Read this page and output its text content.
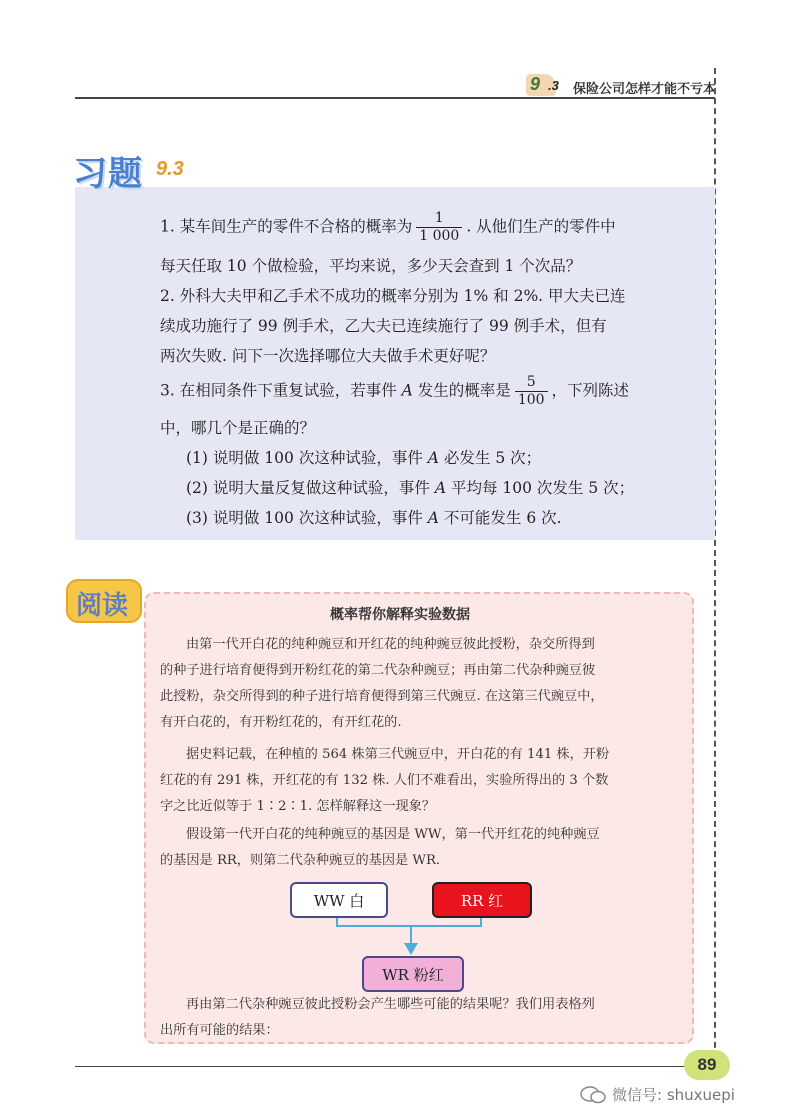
9 .3 保险公司怎样才能不亏本
习题 9.3
1. 某车间生产的零件不合格的概率为 $\frac{1}{1 000}$ . 从他们生产的零件中
每天任取 10 个做检验，平均来说，多少天会查到 1 个次品？
2. 外科大夫甲和乙手术不成功的概率分别为 1% 和 2%. 甲大夫已连
续成功施行了 99 例手术，乙大夫已连续施行了 99 例手术，但有
两次失败. 问下一次选择哪位大夫做手术更好呢？
3. 在相同条件下重复试验，若事件 A 发生的概率是 $\frac{5}{100}$ ，下列陈述
中，哪几个是正确的？
(1) 说明做 100 次这种试验，事件 A 必发生 5 次；
(2) 说明大量反复做这种试验，事件 A 平均每 100 次发生 5 次；
(3) 说明做 100 次这种试验，事件 A 不可能发生 6 次.
阅读	概率帮你解释实验数据
由第一代开白花的纯种豌豆和开红花的纯种豌豆彼此授粉，杂交所得到
的种子进行培育便得到开粉红花的第二代杂种豌豆；再由第二代杂种豌豆彼
此授粉，杂交所得到的种子进行培育便得到第三代豌豆. 在这第三代豌豆中，
有开白花的，有开粉红花的，有开红花的.
据史料记载，在种植的 564 株第三代豌豆中，开白花的有 141 株，开粉
红花的有 291 株，开红花的有 132 株. 人们不难看出，实验所得出的 3 个数
字之比近似等于 1∶2∶1. 怎样解释这一现象？
假设第一代开白花的纯种豌豆的基因是 WW，第一代开红花的纯种豌豆
的基因是 RR，则第二代杂种豌豆的基因是 WR.
WW 白	RR 红
WR 粉红
再由第二代杂种豌豆彼此授粉会产生哪些可能的结果呢？我们用表格列
出所有可能的结果：
89
微信号: shuxuepi
